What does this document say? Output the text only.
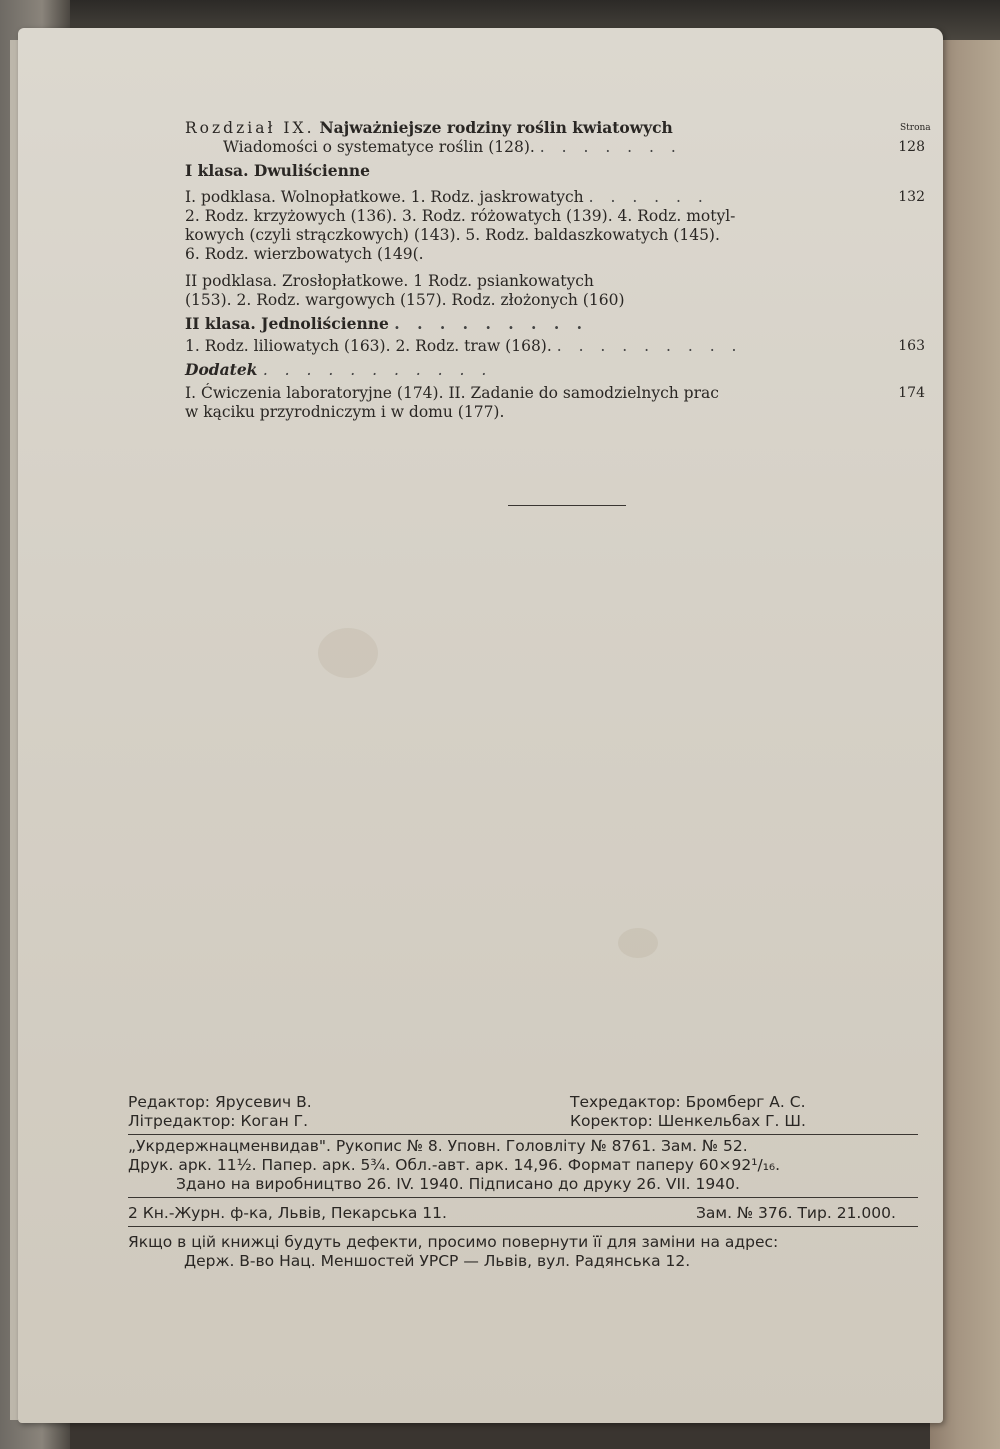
Strona
Rozdział IX. Najważniejsze rodziny roślin kwiatowych
Wiadomości o systematyce roślin (128). . . . . . . .	128
I klasa. Dwuliścienne
I. podklasa. Wolnopłatkowe. 1. Rodz. jaskrowatych . . . . . .	132
2. Rodz. krzyżowych (136). 3. Rodz. różowatych (139). 4. Rodz. motyl-
kowych (czyli strączkowych) (143). 5. Rodz. baldaszkowatych (145).
6. Rodz. wierzbowatych (149(.
II podklasa. Zrosłopłatkowe. 1 Rodz. psiankowatych
(153). 2. Rodz. wargowych (157). Rodz. złożonych (160)
II klasa. Jednoliścienne . . . . . . . . .
1. Rodz. liliowatych (163). 2. Rodz. traw (168). . . . . . . . . .	163
Dodatek . . . . . . . . . . .
I. Ćwiczenia laboratoryjne (174). II. Zadanie do samodzielnych prac	174
w kąciku przyrodniczym i w domu (177).
Редактор: Ярусевич В.	Техредактор: Бромберг А. С.
Літредактор: Коган Г.	Коректор: Шенкельбах Г. Ш.
„Укрдержнацменвидав". Рукопис № 8. Уповн. Головліту № 8761. Зам. № 52.
Друк. арк. 11½. Папер. арк. 5¾. Обл.-авт. арк. 14,96. Формат паперу 60×92¹/₁₆.
Здано на виробництво 26. IV. 1940. Підписано до друку 26. VII. 1940.
2 Кн.-Журн. ф-ка, Львів, Пекарська 11.	Зам. № 376. Тир. 21.000.
Якщо в цій книжці будуть дефекти, просимо повернути її для заміни на адрес:
Держ. В-во Нац. Меншостей УРСР — Львів, вул. Радянська 12.
